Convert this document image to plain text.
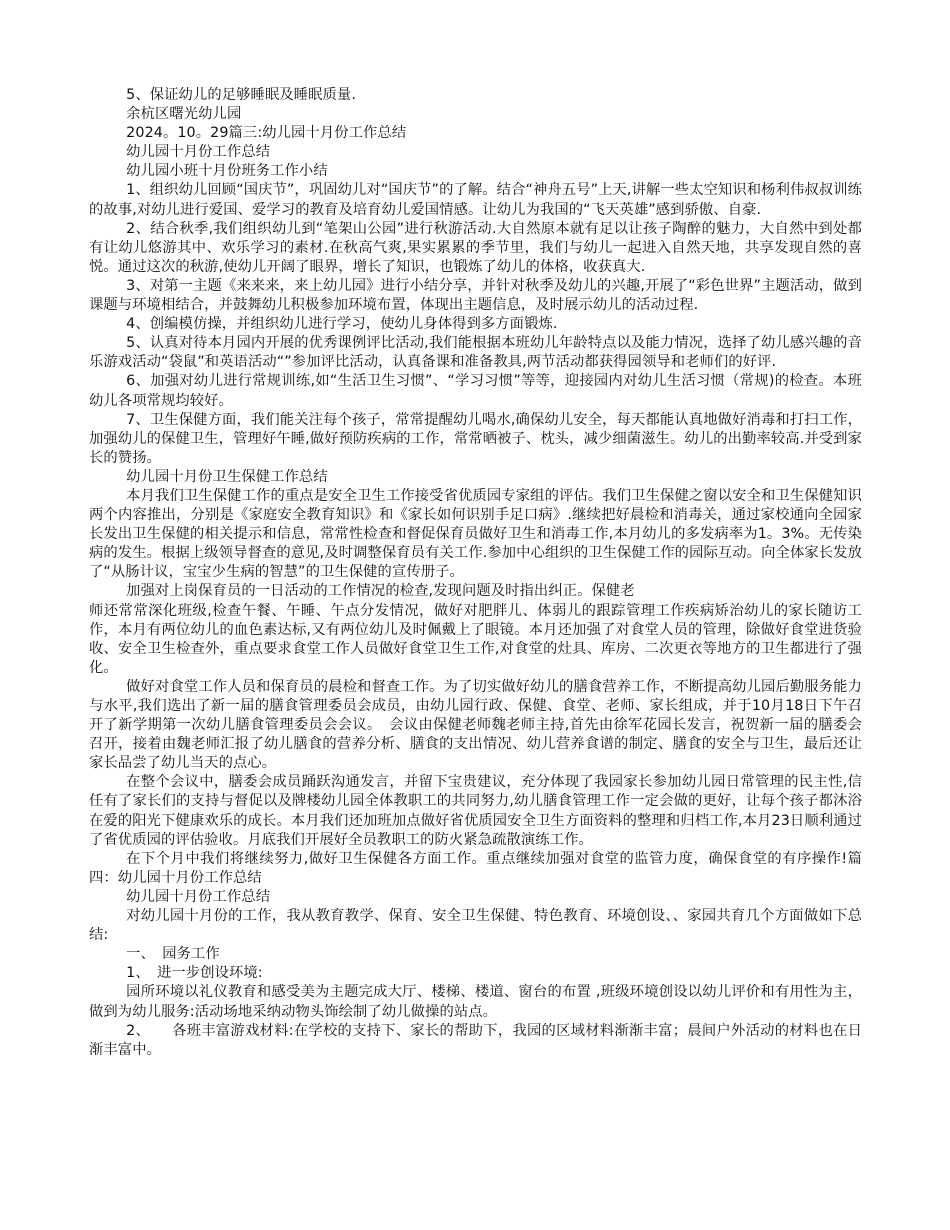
5、保证幼儿的足够睡眠及睡眠质量.

余杭区曙光幼儿园

2024。10。29篇三:幼儿园十月份工作总结

幼儿园十月份工作总结

幼儿园小班十月份班务工作小结

1、组织幼儿回顾“国庆节”，巩固幼儿对“国庆节”的了解。结合“神舟五号”上天,讲解一些太空知识和杨利伟叔叔训练的故事,对幼儿进行爱国、爱学习的教育及培育幼儿爱国情感。让幼儿为我国的“飞天英雄”感到骄傲、自豪.

2、结合秋季,我们组织幼儿到“笔架山公园”进行秋游活动.大自然原本就有足以让孩子陶醉的魅力，大自然中到处都有让幼儿悠游其中、欢乐学习的素材.在秋高气爽,果实累累的季节里，我们与幼儿一起进入自然天地，共享发现自然的喜悦。通过这次的秋游,使幼儿开阔了眼界，增长了知识，也锻炼了幼儿的体格，收获真大.

3、对第一主题《来来来，来上幼儿园》进行小结分享，并针对秋季及幼儿的兴趣,开展了“彩色世界”主题活动，做到课题与环境相结合，并鼓舞幼儿积极参加环境布置，体现出主题信息，及时展示幼儿的活动过程.

4、创编模仿操，并组织幼儿进行学习，使幼儿身体得到多方面锻炼.

5、认真对待本月园内开展的优秀课例评比活动,我们能根据本班幼儿年龄特点以及能力情况，选择了幼儿感兴趣的音乐游戏活动“袋鼠”和英语活动“”参加评比活动，认真备课和准备教具,两节活动都获得园领导和老师们的好评.

6、加强对幼儿进行常规训练,如“生活卫生习惯”、“学习习惯”等等，迎接园内对幼儿生活习惯（常规)的检查。本班幼儿各项常规均较好。

7、卫生保健方面，我们能关注每个孩子，常常提醒幼儿喝水,确保幼儿安全，每天都能认真地做好消毒和打扫工作，加强幼儿的保健卫生，管理好午睡,做好预防疾病的工作，常常晒被子、枕头，减少细菌滋生。幼儿的出勤率较高.并受到家长的赞扬。

幼儿园十月份卫生保健工作总结

本月我们卫生保健工作的重点是安全卫生工作接受省优质园专家组的评估。我们卫生保健之窗以安全和卫生保健知识两个内容推出，分别是《家庭安全教育知识》和《家长如何识别手足口病》.继续把好晨检和消毒关，通过家校通向全园家长发出卫生保健的相关提示和信息，常常性检查和督促保育员做好卫生和消毒工作,本月幼儿的多发病率为1。3%。无传染病的发生。根据上级领导督查的意见,及时调整保育员有关工作.参加中心组织的卫生保健工作的园际互动。向全体家长发放了“从肠计议，宝宝少生病的智慧”的卫生保健的宣传册子。

加强对上岗保育员的一日活动的工作情况的检查,发现问题及时指出纠正。保健老

师还常常深化班级,检查午餐、午睡、午点分发情况，做好对肥胖儿、体弱儿的跟踪管理工作疾病矫治幼儿的家长随访工作，本月有两位幼儿的血色素达标,又有两位幼儿及时佩戴上了眼镜。本月还加强了对食堂人员的管理，除做好食堂进货验收、安全卫生检查外，重点要求食堂工作人员做好食堂卫生工作,对食堂的灶具、库房、二次更衣等地方的卫生都进行了强化。

做好对食堂工作人员和保育员的晨检和督查工作。为了切实做好幼儿的膳食营养工作，不断提高幼儿园后勤服务能力与水平,我们选出了新一届的膳食管理委员会成员，由幼儿园行政、保健、食堂、老师、家长组成，并于10月18日下午召开了新学期第一次幼儿膳食管理委员会会议。　会议由保健老师魏老师主持,首先由徐军花园长发言，祝贺新一届的膳委会召开，接着由魏老师汇报了幼儿膳食的营养分析、膳食的支出情况、幼儿营养食谱的制定、膳食的安全与卫生，最后还让家长品尝了幼儿当天的点心。

在整个会议中，膳委会成员踊跃沟通发言，并留下宝贵建议，充分体现了我园家长参加幼儿园日常管理的民主性,信任有了家长们的支持与督促以及牌楼幼儿园全体教职工的共同努力,幼儿膳食管理工作一定会做的更好，让每个孩子都沐浴在爱的阳光下健康欢乐的成长。本月我们还加班加点做好省优质园安全卫生方面资料的整理和归档工作,本月23日顺利通过了省优质园的评估验收。月底我们开展好全员教职工的防火紧急疏散演练工作。

在下个月中我们将继续努力,做好卫生保健各方面工作。重点继续加强对食堂的监管力度，确保食堂的有序操作!篇四：幼儿园十月份工作总结

幼儿园十月份工作总结

对幼儿园十月份的工作，我从教育教学、保育、安全卫生保健、特色教育、环境创设、、家园共育几个方面做如下总结:

一、　园务工作

1、　进一步创设环境:

园所环境以礼仪教育和感受美为主题完成大厅、楼梯、楼道、窗台的布置 ,班级环境创设以幼儿评价和有用性为主，做到为幼儿服务:活动场地采纳动物头饰绘制了幼儿做操的站点。

2、　　各班丰富游戏材料:在学校的支持下、家长的帮助下，我园的区域材料渐渐丰富；晨间户外活动的材料也在日渐丰富中。
